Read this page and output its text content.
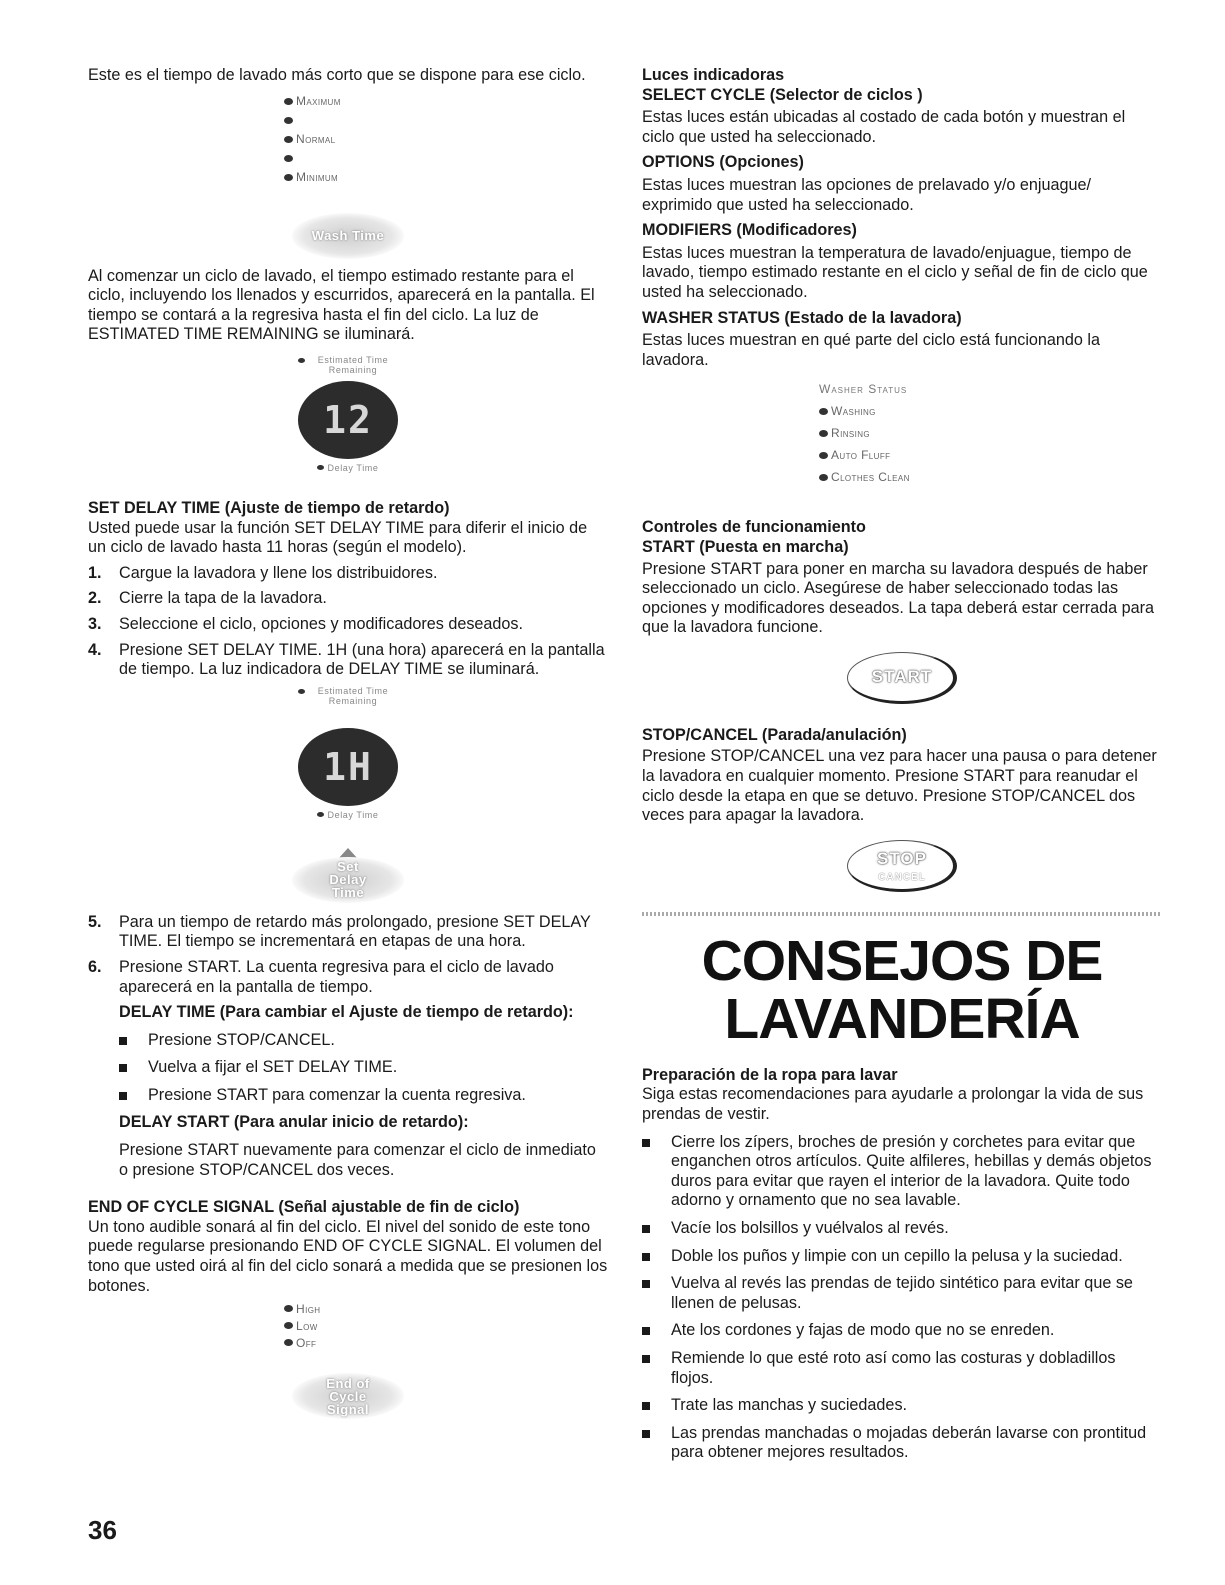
Este es el tiempo de lavado más corto que se dispone para ese ciclo.

Maximum
Normal
Minimum
Wash Time

Al comenzar un ciclo de lavado, el tiempo estimado restante para el ciclo, incluyendo los llenados y escurridos, aparecerá en la pantalla. El tiempo se contará a la regresiva hasta el fin del ciclo. La luz de ESTIMATED TIME REMAINING se iluminará.

Estimated Time Remaining
12
Delay Time
SET DELAY TIME (Ajuste de tiempo de retardo)

Usted puede usar la función SET DELAY TIME para diferir el inicio de un ciclo de lavado hasta 11 horas (según el modelo).

1. Cargue la lavadora y llene los distribuidores.
2. Cierre la tapa de la lavadora.
3. Seleccione el ciclo, opciones y modificadores deseados.
4. Presione SET DELAY TIME. 1H (una hora) aparecerá en la pantalla de tiempo. La luz indicadora de DELAY TIME se iluminará.
Estimated Time Remaining
1H
Delay Time
Set Delay Time
5. Para un tiempo de retardo más prolongado, presione SET DELAY TIME. El tiempo se incrementará en etapas de una hora.
6. Presione START. La cuenta regresiva para el ciclo de lavado aparecerá en la pantalla de tiempo.
DELAY TIME (Para cambiar el Ajuste de tiempo de retardo):
Presione STOP/CANCEL.
Vuelva a fijar el SET DELAY TIME.
Presione START para comenzar la cuenta regresiva.
DELAY START (Para anular inicio de retardo):

Presione START nuevamente para comenzar el ciclo de inmediato o presione STOP/CANCEL dos veces.

END OF CYCLE SIGNAL (Señal ajustable de fin de ciclo)

Un tono audible sonará al fin del ciclo. El nivel del sonido de este tono puede regularse presionando END OF CYCLE SIGNAL. El volumen del tono que usted oirá al fin del ciclo sonará a medida que se presionen los botones.

High
Low
Off
End of Cycle Signal
Luces indicadoras
SELECT CYCLE (Selector de ciclos )

Estas luces están ubicadas al costado de cada botón y muestran el ciclo que usted ha seleccionado.

OPTIONS (Opciones)

Estas luces muestran las opciones de prelavado y/o enjuague/ exprimido que usted ha seleccionado.

MODIFIERS (Modificadores)

Estas luces muestran la temperatura de lavado/enjuague, tiempo de lavado, tiempo estimado restante en el ciclo y señal de fin de ciclo que usted ha seleccionado.

WASHER STATUS (Estado de la lavadora)

Estas luces muestran en qué parte del ciclo está funcionando la lavadora.

Washer Status
Washing
Rinsing
Auto Fluff
Clothes Clean
Controles de funcionamiento
START (Puesta en marcha)

Presione START para poner en marcha su lavadora después de haber seleccionado un ciclo. Asegúrese de haber seleccionado todas las opciones y modificadores deseados. La tapa deberá estar cerrada para que la lavadora funcione.

START
STOP/CANCEL (Parada/anulación)

Presione STOP/CANCEL una vez para hacer una pausa o para detener la lavadora en cualquier momento. Presione START para reanudar el ciclo desde la etapa en que se detuvo. Presione STOP/CANCEL dos veces para apagar la lavadora.

STOP
CANCEL
CONSEJOS DE
LAVANDERÍA
Preparación de la ropa para lavar

Siga estas recomendaciones para ayudarle a prolongar la vida de sus prendas de vestir.

Cierre los zípers, broches de presión y corchetes para evitar que enganchen otros artículos. Quite alfileres, hebillas y demás objetos duros para evitar que rayen el interior de la lavadora. Quite todo adorno y ornamento que no sea lavable.
Vacíe los bolsillos y vuélvalos al revés.
Doble los puños y limpie con un cepillo la pelusa y la suciedad.
Vuelva al revés las prendas de tejido sintético para evitar que se llenen de pelusas.
Ate los cordones y fajas de modo que no se enreden.
Remiende lo que esté roto así como las costuras y dobladillos flojos.
Trate las manchas y suciedades.
Las prendas manchadas o mojadas deberán lavarse con prontitud para obtener mejores resultados.
36
